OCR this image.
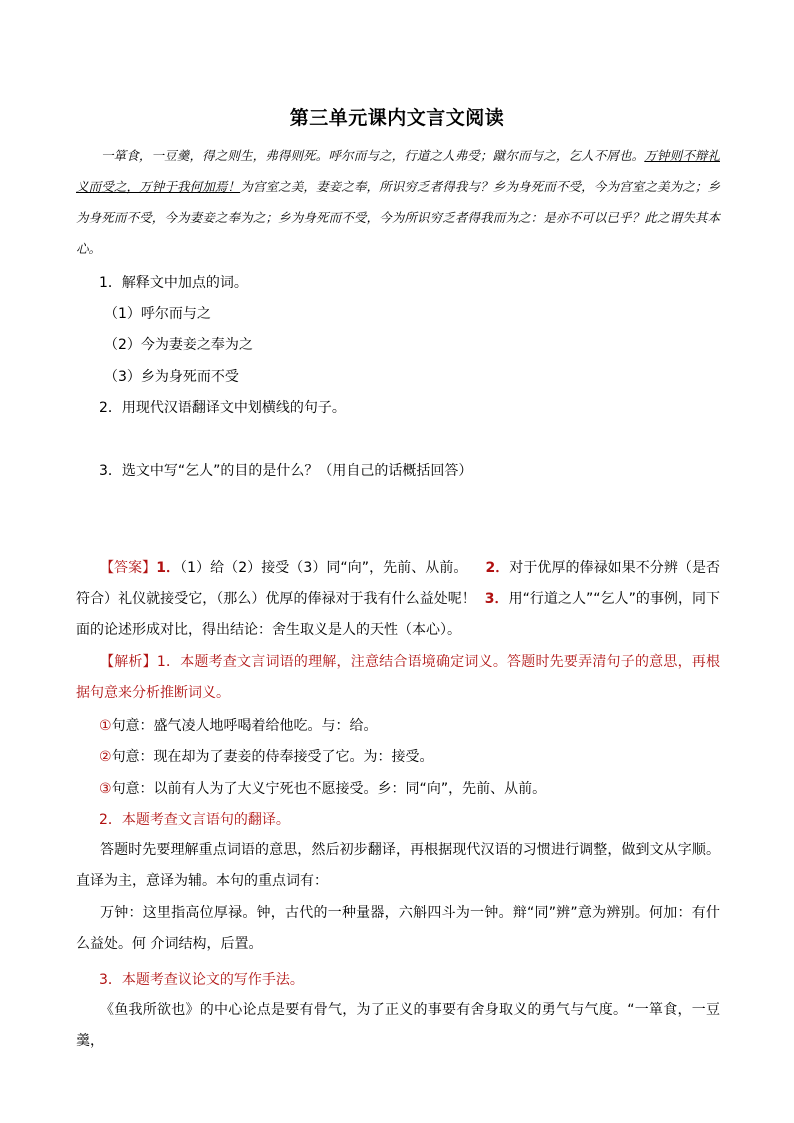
第三单元课内文言文阅读
一箪食，一豆羹，得之则生，弗得则死。呼尔而与之，行道之人弗受；蹴尔而与之，乞人不屑也。万钟则不辩礼义而受之，万钟于我何加焉！为宫室之美，妻妾之奉，所识穷乏者得我与？乡为身死而不受，今为宫室之美为之；乡为身死而不受，今为妻妾之奉为之；乡为身死而不受，今为所识穷乏者得我而为之：是亦不可以已乎？此之谓失其本心。
1．解释文中加点的词。
（1）呼尔而与之
（2）今为妻妾之奉为之
（3）乡为身死而不受
2．用现代汉语翻译文中划横线的句子。
3．选文中写“乞人”的目的是什么？（用自己的话概括回答）
【答案】1．（1）给（2）接受（3）同“向”，先前、从前。 2．对于优厚的俸禄如果不分辨（是否符合）礼仪就接受它，（那么）优厚的俸禄对于我有什么益处呢！ 3．用“行道之人”“乞人”的事例，同下面的论述形成对比，得出结论：舍生取义是人的天性（本心）。
【解析】1．本题考查文言词语的理解，注意结合语境确定词义。答题时先要弄清句子的意思，再根据句意来分析推断词义。
①句意：盛气凌人地呼喝着给他吃。与：给。
②句意：现在却为了妻妾的侍奉接受了它。为：接受。
③句意：以前有人为了大义宁死也不愿接受。乡：同“向”，先前、从前。
2．本题考查文言语句的翻译。
答题时先要理解重点词语的意思，然后初步翻译，再根据现代汉语的习惯进行调整，做到文从字顺。直译为主，意译为辅。本句的重点词有：
万钟：这里指高位厚禄。钟，古代的一种量器，六斛四斗为一钟。辩“同”辨”意为辨别。何加：有什么益处。何 介词结构，后置。
3．本题考查议论文的写作手法。
《鱼我所欲也》的中心论点是要有骨气，为了正义的事要有舍身取义的勇气与气度。“一箪食，一豆羹，
